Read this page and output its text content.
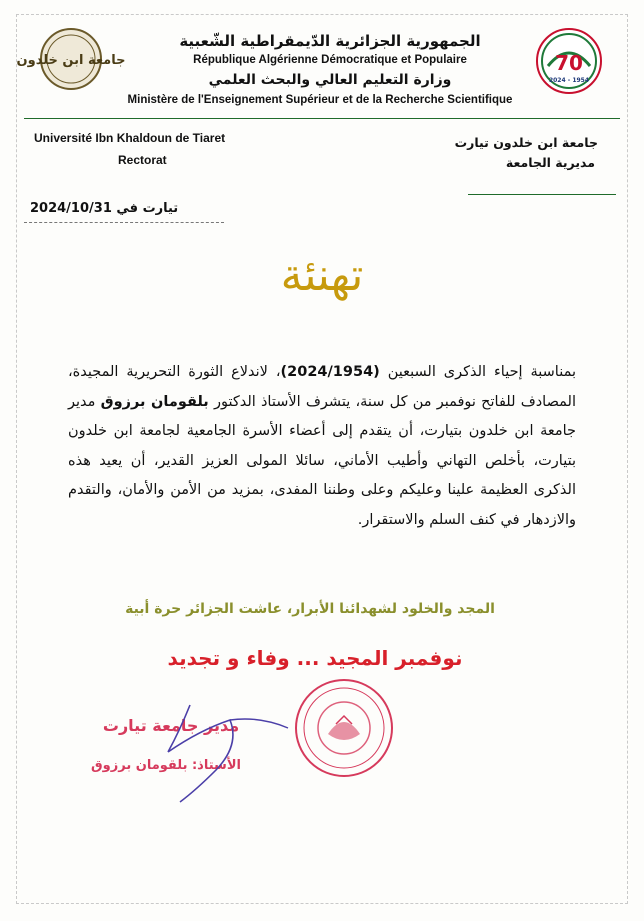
جامعة ابن خلدون
الجمهورية الجزائرية الدّيمقراطية الشّعبية
République Algérienne Démocratique et Populaire
وزارة التعليم العالي والبحث العلمي
Ministère de l'Enseignement Supérieur et de la Recherche Scientifique
70
2024 - 1954
Université Ibn Khaldoun de Tiaret
Rectorat
جامعة ابن خلدون تيارت
مديرية الجامعة
تيارت في 2024/10/31
تهنئة
بمناسبة إحياء الذكرى السبعين (2024/1954)، لاندلاع الثورة التحريرية المجيدة، المصادف للفاتح نوفمبر من كل سنة، يتشرف الأستاذ الدكتور بلقومان برزوق مدير جامعة ابن خلدون بتيارت، أن يتقدم إلى أعضاء الأسرة الجامعية لجامعة ابن خلدون بتيارت، بأخلص التهاني وأطيب الأماني، سائلا المولى العزيز القدير، أن يعيد هذه الذكرى العظيمة علينا وعليكم وعلى وطننا المفدى، بمزيد من الأمن والأمان، والتقدم والازدهار في كنف السلم والاستقرار.
المجد والخلود لشهدائنا الأبرار، عاشت الجزائر حرة أبية
نوفمبر المجيد ... وفاء و تجديد
مدير جامعة تيارت
الأستاذ: بلقومان برزوق
